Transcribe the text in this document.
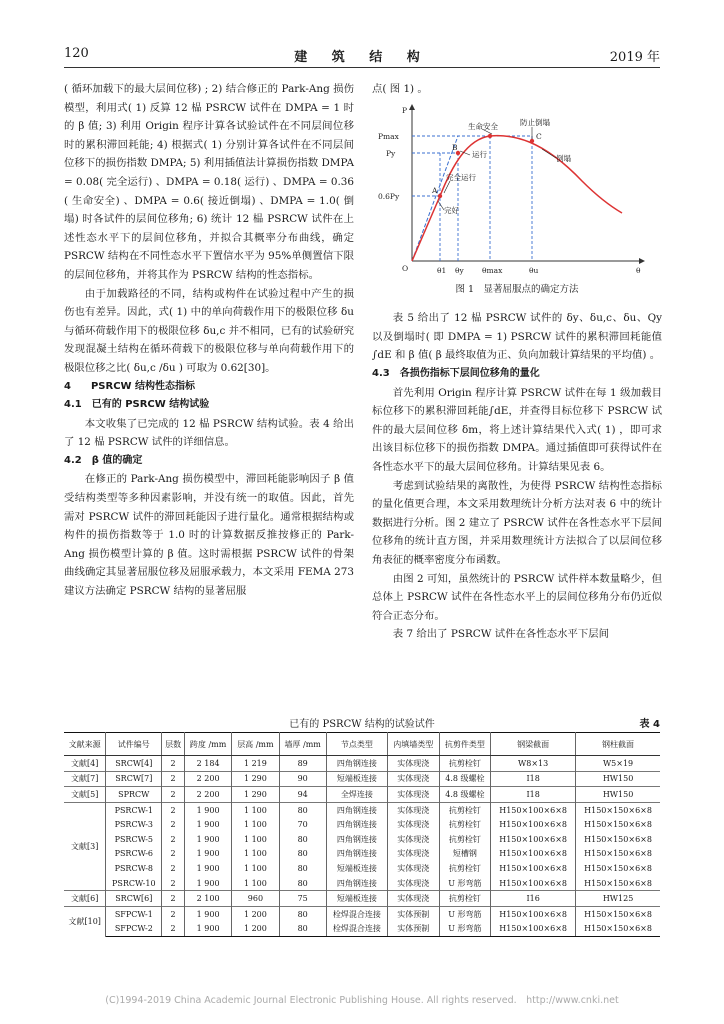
120	建 筑 结 构	2019 年

( 循环加载下的最大层间位移) ; 2) 结合修正的 Park-Ang 损伤模型，利用式( 1) 反算 12 榀 PSRCW 试件在 DMPA = 1 时的 β 值; 3) 利用 Origin 程序计算各试验试件在不同层间位移时的累积滞回耗能; 4) 根据式( 1) 分别计算各试件在不同层间位移下的损伤指数 DMPA; 5) 利用插值法计算损伤指数 DMPA = 0.08( 完全运行) 、DMPA = 0.18( 运行) 、DMPA = 0.36 ( 生命安全) 、DMPA = 0.6( 接近倒塌) 、DMPA = 1.0( 倒塌) 时各试件的层间位移角; 6) 统计 12 榀 PSRCW 试件在上述性态水平下的层间位移角，并拟合其概率分布曲线，确定 PSRCW 结构在不同性态水平下置信水平为 95%单侧置信下限的层间位移角，并将其作为 PSRCW 结构的性态指标。

由于加载路径的不同，结构或构件在试验过程中产生的损伤也有差异。因此，式( 1) 中的单向荷载作用下的极限位移 δu 与循环荷载作用下的极限位移 δu,c 并不相同，已有的试验研究发现混凝土结构在循环荷载下的极限位移与单向荷载作用下的极限位移之比( δu,c /δu ) 可取为 0.62[30]。

4　　PSRCW 结构性态指标
4.1　已有的 PSRCW 结构试验

本文收集了已完成的 12 榀 PSRCW 结构试验。表 4 给出了 12 榀 PSRCW 试件的详细信息。

4.2　β 值的确定

在修正的 Park-Ang 损伤模型中，滞回耗能影响因子 β 值受结构类型等多种因素影响，并没有统一的取值。因此，首先需对 PSRCW 试件的滞回耗能因子进行量化。通常根据结构或构件的损伤指数等于 1.0 时的计算数据反推按修正的 Park-Ang 损伤模型计算的 β 值。这时需根据 PSRCW 试件的骨架曲线确定其显著屈服位移及屈服承载力，本文采用 FEMA 273 建议方法确定 PSRCW 结构的显著屈服

点( 图 1) 。

P
θ
O
Pmax
Py
0.6Py
θ1 θy θmax	θu
A
B
C
生命安全	防止倒塌
运行
完全运行
完好
倒塌
图 1　显著屈服点的确定方法

表 5 给出了 12 榀 PSRCW 试件的 δy、δu,c、δu、Qy 以及倒塌时( 即 DMPA = 1) PSRCW 试件的累积滞回耗能值∫dE 和 β 值( β 最终取值为正、负向加载计算结果的平均值) 。

4.3　各损伤指标下层间位移角的量化

首先利用 Origin 程序计算 PSRCW 试件在每 1 级加载目标位移下的累积滞回耗能∫dE，并查得目标位移下 PSRCW 试件的最大层间位移 δm，将上述计算结果代入式( 1) ，即可求出该目标位移下的损伤指数 DMPA。通过插值即可获得试件在各性态水平下的最大层间位移角。计算结果见表 6。

考虑到试验结果的离散性，为使得 PSRCW 结构性态指标的量化值更合理，本文采用数理统计分析方法对表 6 中的统计数据进行分析。图 2 建立了 PSRCW 试件在各性态水平下层间位移角的统计直方图，并采用数理统计方法拟合了以层间位移角表征的概率密度分布函数。

由图 2 可知，虽然统计的 PSRCW 试件样本数量略少，但总体上 PSRCW 试件在各性态水平上的层间位移角分布仍近似符合正态分布。

表 7 给出了 PSRCW 试件在各性态水平下层间

已有的 PSRCW 结构的试验试件	表 4
文献来源	试件编号	层数	跨度 /mm	层高 /mm	墙厚 /mm	节点类型	内填墙类型	抗剪件类型	钢梁截面	钢柱截面
文献[4]	SRCW[4]	2	2 184	1 219	89	四角钢连接	实体现浇	抗剪栓钉	W8×13	W5×19
文献[7]	SRCW[7]	2	2 200	1 290	90	短端板连接	实体现浇	4.8 级螺栓	I18	HW150
文献[5]	SPRCW	2	2 200	1 290	94	全焊连接	实体现浇	4.8 级螺栓	I18	HW150
文献[3]	PSRCW-1	2	1 900	1 100	80	四角钢连接	实体现浇	抗剪栓钉	H150×100×6×8	H150×150×6×8
	PSRCW-3	2	1 900	1 100	70	四角钢连接	实体现浇	抗剪栓钉	H150×100×6×8	H150×150×6×8
	PSRCW-5	2	1 900	1 100	80	四角钢连接	实体现浇	抗剪栓钉	H150×100×6×8	H150×150×6×8
	PSRCW-6	2	1 900	1 100	80	四角钢连接	实体现浇	短槽钢	H150×100×6×8	H150×150×6×8
	PSRCW-8	2	1 900	1 100	80	短端板连接	实体现浇	抗剪栓钉	H150×100×6×8	H150×150×6×8
	PSRCW-10	2	1 900	1 100	80	四角钢连接	实体现浇	U 形弯筋	H150×100×6×8	H150×150×6×8
文献[6]	SRCW[6]	2	2 100	960	75	短端板连接	实体现浇	抗剪栓钉	I16	HW125
文献[10]	SFPCW-1	2	1 900	1 200	80	栓焊混合连接	实体预制	U 形弯筋	H150×100×6×8	H150×150×6×8
	SFPCW-2	2	1 900	1 200	80	栓焊混合连接	实体预制	U 形弯筋	H150×100×6×8	H150×150×6×8
(C)1994-2019 China Academic Journal Electronic Publishing House. All rights reserved.　http://www.cnki.net
